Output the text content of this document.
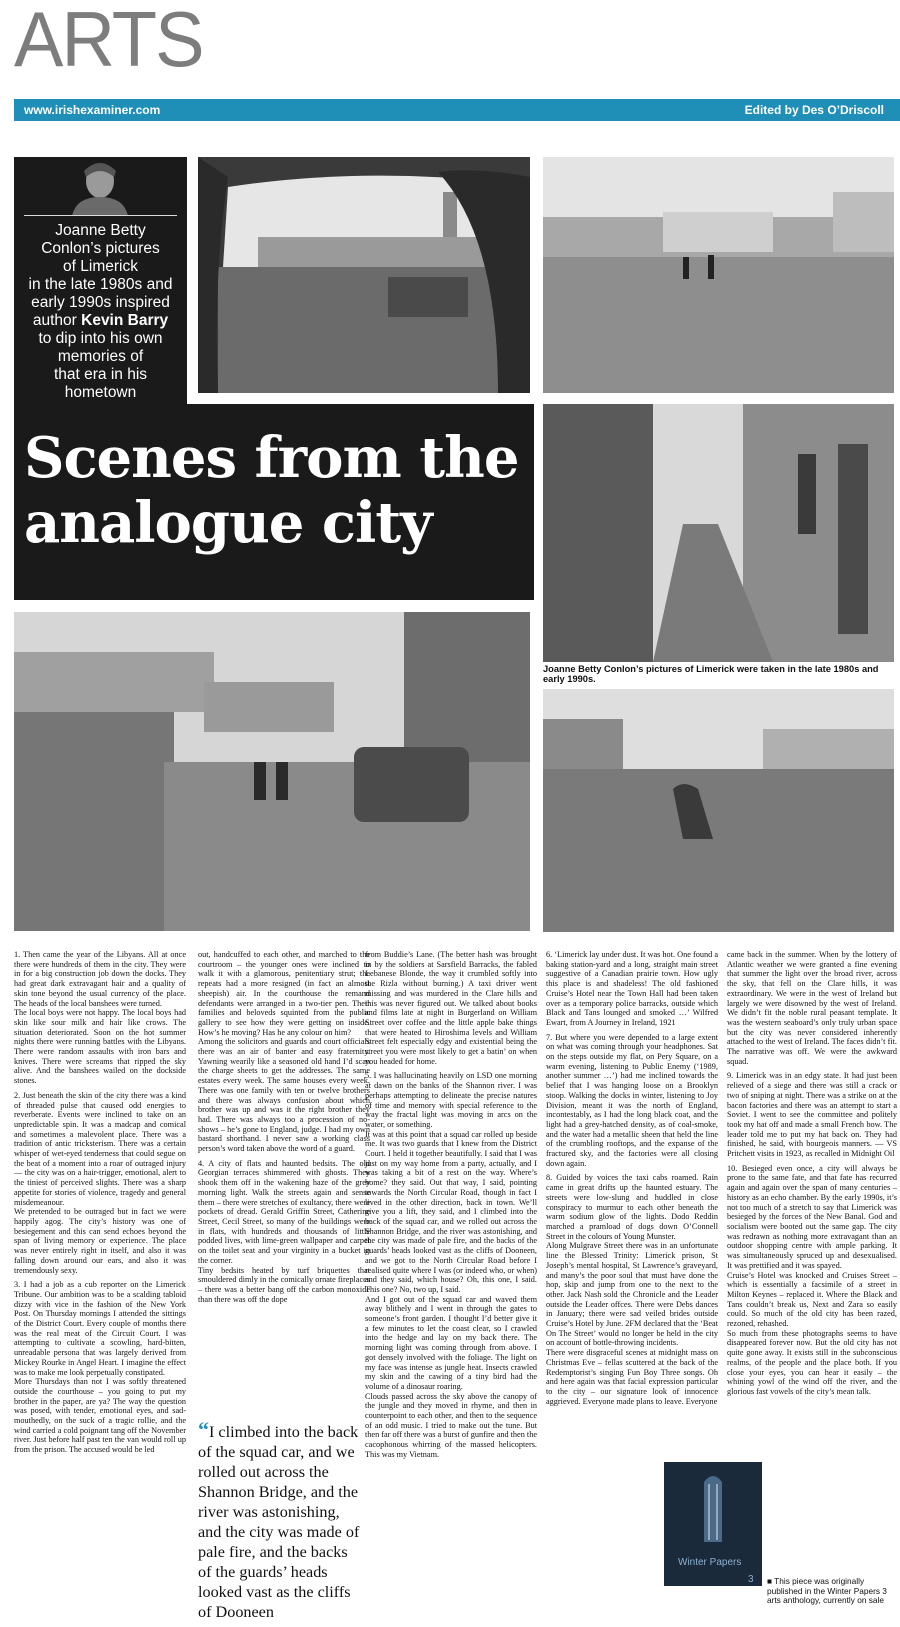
ARTS
www.irishexaminer.com	Edited by Des O’Driscoll
Joanne Betty
Conlon’s pictures
of Limerick
in the late 1980s and
early 1990s inspired
author Kevin Barry
to dip into his own
memories of
that era in his
hometown
Scenes from the
analogue city
Joanne Betty Conlon’s pictures of Limerick were taken in the late 1980s and early 1990s.

1. Then came the year of the Libyans. All at once there were hundreds of them in the city. They were in for a big construction job down the docks. They had great dark extravagant hair and a quality of skin tone beyond the usual currency of the place. The heads of the local banshees were turned.
The local boys were not happy. The local boys had skin like sour milk and hair like crows. The situation deteriorated. Soon on the hot summer nights there were running battles with the Libyans. There were random assaults with iron bars and knives. There were screams that ripped the sky alive. And the banshees wailed on the dockside stones.

2. Just beneath the skin of the city there was a kind of threaded pulse that caused odd energies to reverberate. Events were inclined to take on an unpredictable spin. It was a madcap and comical and sometimes a malevolent place. There was a tradition of antic tricksterism. There was a certain whisper of wet-eyed tenderness that could segue on the beat of a moment into a roar of outraged injury — the city was on a hair-trigger, emotional, alert to the tiniest of perceived slights. There was a sharp appetite for stories of violence, tragedy and general misdemeanour.
We pretended to be outraged but in fact we were happily agog. The city’s history was one of besiegement and this can send echoes beyond the span of living memory or experience. The place was never entirely right in itself, and also it was falling down around our ears, and also it was tremendously sexy.

3. I had a job as a cub reporter on the Limerick Tribune. Our ambition was to be a scalding tabloid dizzy with vice in the fashion of the New York Post. On Thursday mornings I attended the sittings of the District Court. Every couple of months there was the real meat of the Circuit Court. I was attempting to cultivate a scowling, hard-bitten, unreadable persona that was largely derived from Mickey Rourke in Angel Heart. I imagine the effect was to make me look perpetually constipated.
More Thursdays than not I was softly threatened outside the courthouse – you going to put my brother in the paper, are ya? The way the question was posed, with tender, emotional eyes, and sad-mouthedly, on the suck of a tragic rollie, and the wind carried a cold poignant tang off the November river. Just before half past ten the van would roll up from the prison. The accused would be led

out, handcuffed to each other, and marched to the courtroom – the younger ones were inclined to walk it with a glamorous, penitentiary strut; the repeats had a more resigned (in fact an almost sheepish) air. In the courthouse the remand defendants were arranged in a two-tier pen. Their families and beloveds squinted from the public gallery to see how they were getting on inside. How’s he moving? Has he any colour on him?
Among the solicitors and guards and court officials there was an air of banter and easy fraternity. Yawning wearily like a seasoned old hand I’d scan the charge sheets to get the addresses. The same estates every week. The same houses every week. There was one family with ten or twelve brothers and there was always confusion about which brother was up and was it the right brother they had. There was always too a procession of no-shows – he’s gone to England, judge. I had my own bastard shorthand. I never saw a working class person’s word taken above the word of a guard.

4. A city of flats and haunted bedsits. The old Georgian terraces shimmered with ghosts. They shook them off in the wakening haze of the grey morning light. Walk the streets again and sense them – there were stretches of exultancy, there were pockets of dread. Gerald Griffin Street, Catherine Street, Cecil Street, so many of the buildings were in flats, with hundreds and thousands of little podded lives, with lime-green wallpaper and carpet on the toilet seat and your virginity in a bucket in the corner.
Tiny bedsits heated by turf briquettes that smouldered dimly in the comically ornate fireplaces – there was a better bang off the carbon monoxide than there was off the dope

“I climbed into the back of the squad car, and we rolled out across the Shannon Bridge, and the river was astonishing, and the city was made of pale fire, and the backs of the guards’ heads looked vast as the cliffs of Dooneen

from Buddie’s Lane. (The better hash was brought in by the soldiers at Sarsfield Barracks, the fabled Lebanese Blonde, the way it crumbled softly into the Rizla without burning.) A taxi driver went missing and was murdered in the Clare hills and this was never figured out. We talked about books and films late at night in Burgerland on William Street over coffee and the little apple bake things that were heated to Hiroshima levels and William Street felt especially edgy and existential being the street you were most likely to get a batin’ on when you headed for home.

5. I was hallucinating heavily on LSD one morning at dawn on the banks of the Shannon river. I was perhaps attempting to delineate the precise natures of time and memory with special reference to the way the fractal light was moving in arcs on the water, or something.
It was at this point that a squad car rolled up beside me. It was two guards that I knew from the District Court. I held it together beautifully. I said that I was just on my way home from a party, actually, and I was taking a bit of a rest on the way. Where’s home? they said. Out that way, I said, pointing towards the North Circular Road, though in fact I lived in the other direction, back in town. We’ll give you a lift, they said, and I climbed into the back of the squad car, and we rolled out across the Shannon Bridge, and the river was astonishing, and the city was made of pale fire, and the backs of the guards’ heads looked vast as the cliffs of Dooneen, and we got to the North Circular Road before I realised quite where I was (or indeed who, or when) and they said, which house? Oh, this one, I said. This one? No, two up, I said.
And I got out of the squad car and waved them away blithely and I went in through the gates to someone’s front garden. I thought I’d better give it a few minutes to let the coast clear, so I crawled into the hedge and lay on my back there. The morning light was coming through from above. I got densely involved with the foliage. The light on my face was intense as jungle heat. Insects crawled my skin and the cawing of a tiny bird had the volume of a dinosaur roaring.
Clouds passed across the sky above the canopy of the jungle and they moved in rhyme, and then in counterpoint to each other, and then to the sequence of an odd music. I tried to make out the tune. But then far off there was a burst of gunfire and then the cacophonous whirring of the massed helicopters. This was my Vietnam.

6. ‘Limerick lay under dust. It was hot. One found a baking station-yard and a long, straight main street suggestive of a Canadian prairie town. How ugly this place is and shadeless! The old fashioned Cruise’s Hotel near the Town Hall had been taken over as a temporary police barracks, outside which Black and Tans lounged and smoked …’ Wilfred Ewart, from A Journey in Ireland, 1921

7. But where you were depended to a large extent on what was coming through your headphones. Sat on the steps outside my flat, on Pery Square, on a warm evening, listening to Public Enemy (‘1989, another summer …’) had me inclined towards the belief that I was hanging loose on a Brooklyn stoop. Walking the docks in winter, listening to Joy Division, meant it was the north of England, incontestably, as I had the long black coat, and the light had a grey-hatched density, as of coal-smoke, and the water had a metallic sheen that held the line of the crumbling rooftops, and the expanse of the fractured sky, and the factories were all closing down again.

8. Guided by voices the taxi cabs roamed. Rain came in great drifts up the haunted estuary. The streets were low-slung and huddled in close conspiracy to murmur to each other beneath the warm sodium glow of the lights. Dodo Reddin marched a pramload of dogs down O’Connell Street in the colours of Young Munster.
Along Mulgrave Street there was in an unfortunate line the Blessed Trinity: Limerick prison, St Joseph’s mental hospital, St Lawrence’s graveyard, and many’s the poor soul that must have done the hop, skip and jump from one to the next to the other. Jack Nash sold the Chronicle and the Leader outside the Leader offces. There were Debs dances in January; there were sad veiled brides outside Cruise’s Hotel by June. 2FM declared that the ‘Beat On The Street’ would no longer be held in the city on account of bottle-throwing incidents.
There were disgraceful scenes at midnight mass on Christmas Eve – fellas scuttered at the back of the Redemptorist’s singing Fun Boy Three songs. Oh and here again was that facial expression particular to the city – our signature look of innocence aggrieved. Everyone made plans to leave. Everyone

came back in the summer. When by the lottery of Atlantic weather we were granted a fine evening that summer the light over the broad river, across the sky, that fell on the Clare hills, it was extraordinary. We were in the west of Ireland but largely we were disowned by the west of Ireland. We didn’t fit the noble rural peasant template. It was the western seaboard’s only truly urban space but the city was never considered inherently attached to the west of Ireland. The faces didn’t fit. The narrative was off. We were the awkward squad.

9. Limerick was in an edgy state. It had just been relieved of a siege and there was still a crack or two of sniping at night. There was a strike on at the bacon factories and there was an attempt to start a Soviet. I went to see the committee and politely took my hat off and made a small French bow. The leader told me to put my hat back on. They had finished, he said, with bourgeois manners. — VS Pritchett visits in 1923, as recalled in Midnight Oil

10. Besieged even once, a city will always be prone to the same fate, and that fate has recurred again and again over the span of many centuries – history as an echo chamber. By the early 1990s, it’s not too much of a stretch to say that Limerick was besieged by the forces of the New Banal. God and socialism were booted out the same gap. The city was redrawn as nothing more extravagant than an outdoor shopping centre with ample parking. It was simultaneously spruced up and desexualised. It was prettified and it was spayed.
Cruise’s Hotel was knocked and Cruises Street – which is essentially a facsimile of a street in Milton Keynes – replaced it. Where the Black and Tans couldn’t break us, Next and Zara so easily could. So much of the old city has been razed, rezoned, rehashed.
So much from these photographs seems to have disappeared forever now. But the old city has not quite gone away. It exists still in the subconscious realms, of the people and the place both. If you close your eyes, you can hear it easily – the whining yowl of the wind off the river, and the glorious fast vowels of the city’s mean talk.

Winter Papers
3 ■ This piece was originally published in the Winter Papers 3 arts anthology, currently on sale
